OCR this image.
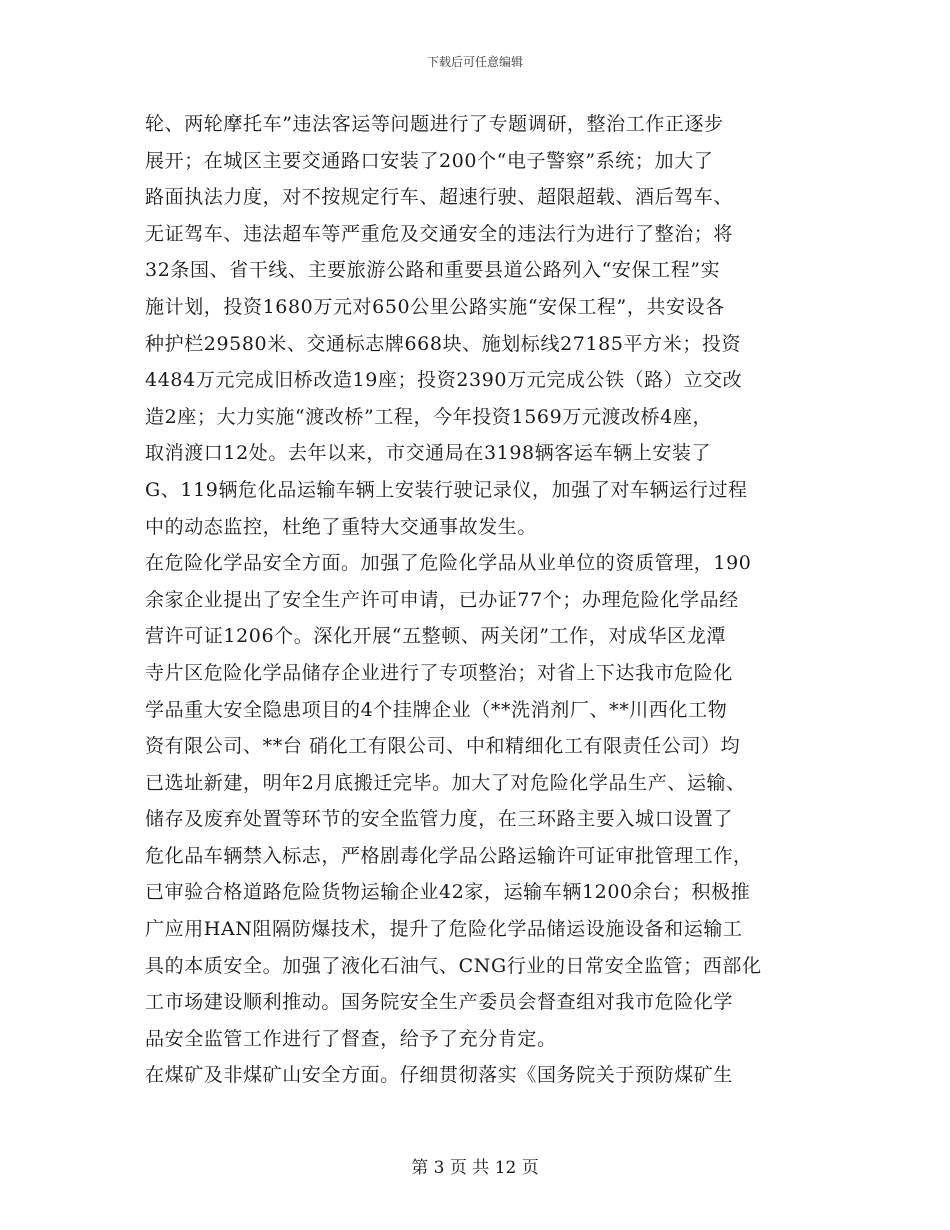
下载后可任意编辑
轮、两轮摩托车”违法客运等问题进行了专题调研，整治工作正逐步
展开；在城区主要交通路口安装了200个“电子警察”系统；加大了
路面执法力度，对不按规定行车、超速行驶、超限超载、酒后驾车、
无证驾车、违法超车等严重危及交通安全的违法行为进行了整治；将
32条国、省干线、主要旅游公路和重要县道公路列入“安保工程”实
施计划，投资1680万元对650公里公路实施“安保工程”，共安设各
种护栏29580米、交通标志牌668块、施划标线27185平方米；投资
4484万元完成旧桥改造19座；投资2390万元完成公铁（路）立交改
造2座；大力实施“渡改桥”工程，今年投资1569万元渡改桥4座，
取消渡口12处。去年以来，市交通局在3198辆客运车辆上安装了
G、119辆危化品运输车辆上安装行驶记录仪，加强了对车辆运行过程
中的动态监控，杜绝了重特大交通事故发生。
在危险化学品安全方面。加强了危险化学品从业单位的资质管理，190
余家企业提出了安全生产许可申请，已办证77个；办理危险化学品经
营许可证1206个。深化开展“五整顿、两关闭”工作，对成华区龙潭
寺片区危险化学品储存企业进行了专项整治；对省上下达我市危险化
学品重大安全隐患项目的4个挂牌企业（**洗消剂厂、**川西化工物
资有限公司、**台 硝化工有限公司、中和精细化工有限责任公司）均
已选址新建，明年2月底搬迁完毕。加大了对危险化学品生产、运输、
储存及废弃处置等环节的安全监管力度，在三环路主要入城口设置了
危化品车辆禁入标志，严格剧毒化学品公路运输许可证审批管理工作，
已审验合格道路危险货物运输企业42家，运输车辆1200余台；积极推
广应用HAN阻隔防爆技术，提升了危险化学品储运设施设备和运输工
具的本质安全。加强了液化石油气、CNG行业的日常安全监管；西部化
工市场建设顺利推动。国务院安全生产委员会督查组对我市危险化学
品安全监管工作进行了督查，给予了充分肯定。
在煤矿及非煤矿山安全方面。仔细贯彻落实《国务院关于预防煤矿生
第 3 页 共 12 页
